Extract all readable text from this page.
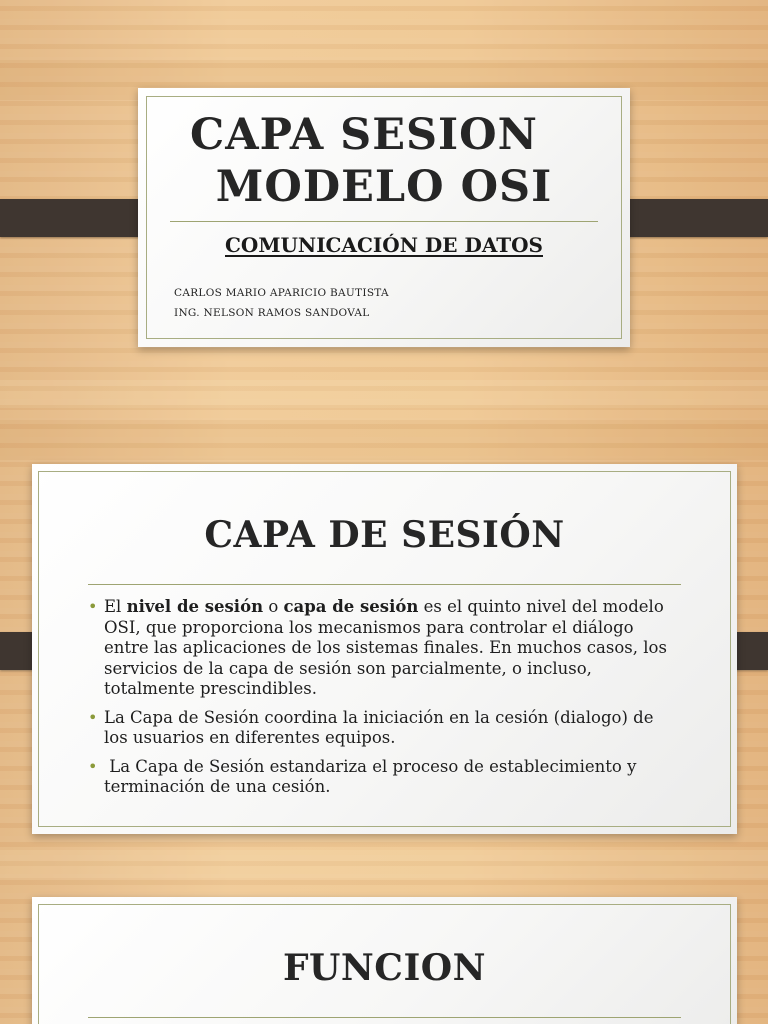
CAPA SESION
MODELO OSI
COMUNICACIÓN DE DATOS
CARLOS MARIO APARICIO BAUTISTA
ING. NELSON RAMOS SANDOVAL
CAPA DE SESIÓN
• El nivel de sesión o capa de sesión es el quinto nivel del modelo OSI, que proporciona los mecanismos para controlar el diálogo entre las aplicaciones de los sistemas finales. En muchos casos, los servicios de la capa de sesión son parcialmente, o incluso, totalmente prescindibles.
• La Capa de Sesión coordina la iniciación en la cesión (dialogo) de los usuarios en diferentes equipos.
• La Capa de Sesión estandariza el proceso de establecimiento y terminación de una cesión.
FUNCION
